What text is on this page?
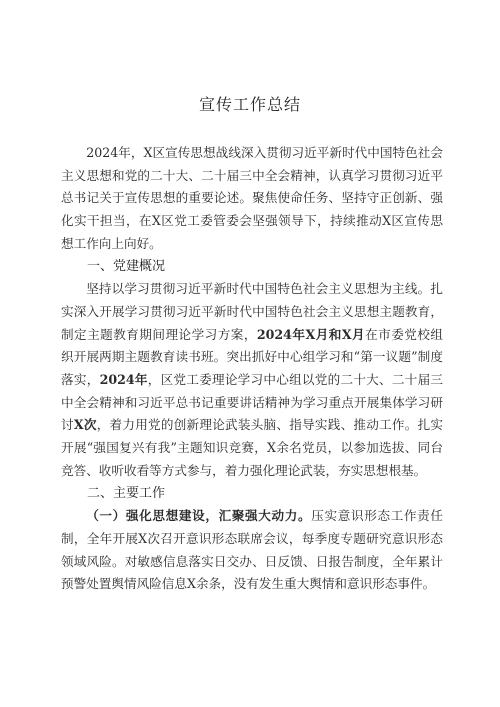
宣传工作总结

2024年，X区宣传思想战线深入贯彻习近平新时代中国特色社会主义思想和党的二十大、二十届三中全会精神，认真学习贯彻习近平总书记关于宣传思想的重要论述。聚焦使命任务、坚持守正创新、强化实干担当，在X区党工委管委会坚强领导下，持续推动X区宣传思想工作向上向好。

一、党建概况

坚持以学习贯彻习近平新时代中国特色社会主义思想为主线。扎实深入开展学习贯彻习近平新时代中国特色社会主义思想主题教育，制定主题教育期间理论学习方案，2024年X月和X月在市委党校组织开展两期主题教育读书班。突出抓好中心组学习和“第一议题”制度落实，2024年，区党工委理论学习中心组以党的二十大、二十届三中全会精神和习近平总书记重要讲话精神为学习重点开展集体学习研讨X次，着力用党的创新理论武装头脑、指导实践、推动工作。扎实开展“强国复兴有我”主题知识竞赛，X余名党员，以参加选拔、同台竞答、收听收看等方式参与，着力强化理论武装，夯实思想根基。

二、主要工作

（一）强化思想建设，汇聚强大动力。压实意识形态工作责任制，全年开展X次召开意识形态联席会议，每季度专题研究意识形态领域风险。对敏感信息落实日交办、日反馈、日报告制度，全年累计预警处置舆情风险信息X余条，没有发生重大舆情和意识形态事件。
